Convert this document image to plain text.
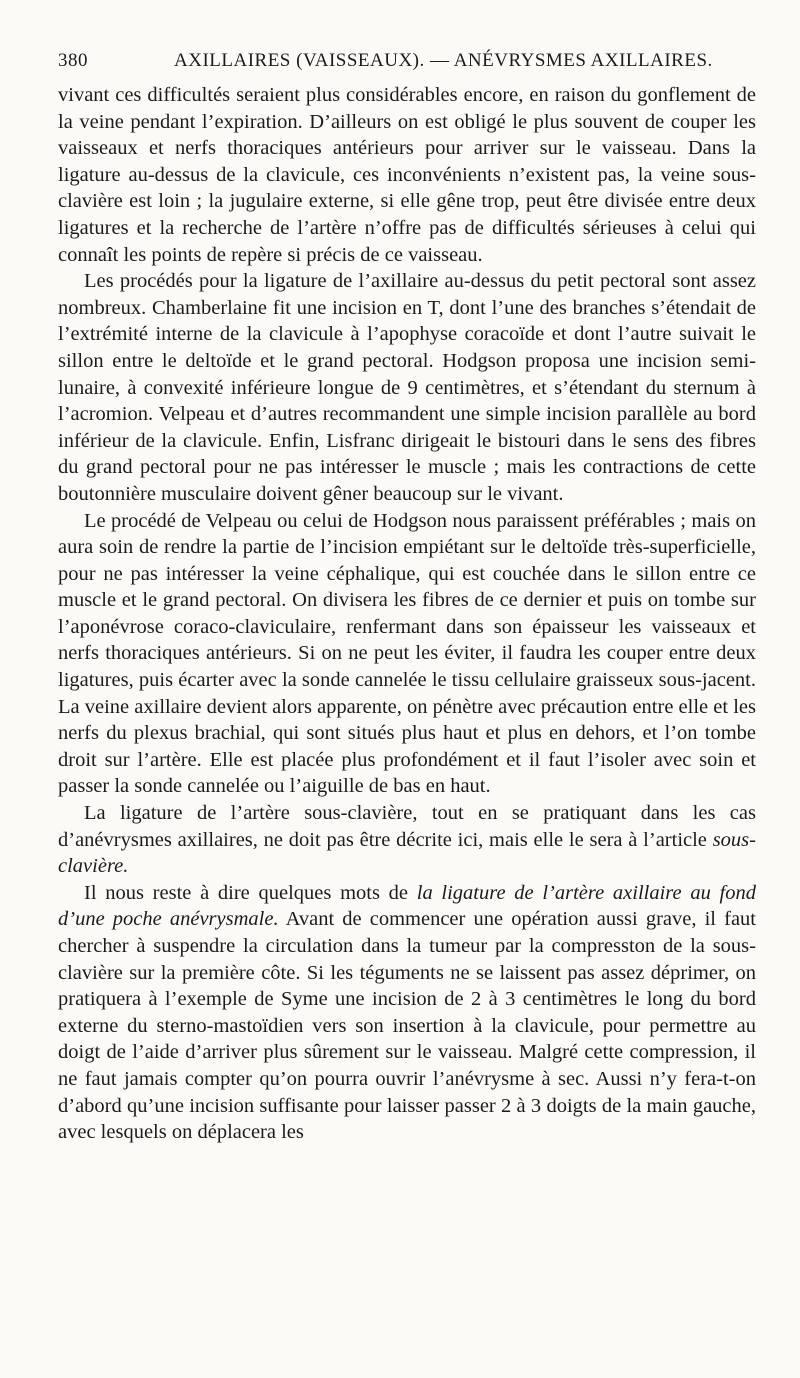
380	AXILLAIRES (VAISSEAUX). — ANÉVRYSMES AXILLAIRES.

vivant ces difficultés seraient plus considérables encore, en raison du gonflement de la veine pendant l’expiration. D’ailleurs on est obligé le plus souvent de couper les vaisseaux et nerfs thoraciques antérieurs pour arriver sur le vaisseau. Dans la ligature au-dessus de la clavicule, ces inconvénients n’existent pas, la veine sous-clavière est loin ; la jugulaire externe, si elle gêne trop, peut être divisée entre deux ligatures et la recherche de l’artère n’offre pas de difficultés sérieuses à celui qui connaît les points de repère si précis de ce vaisseau.

Les procédés pour la ligature de l’axillaire au-dessus du petit pectoral sont assez nombreux. Chamberlaine fit une incision en T, dont l’une des branches s’étendait de l’extrémité interne de la clavicule à l’apophyse coracoïde et dont l’autre suivait le sillon entre le deltoïde et le grand pectoral. Hodgson proposa une incision semi-lunaire, à convexité inférieure longue de 9 centimètres, et s’étendant du sternum à l’acromion. Velpeau et d’autres recommandent une simple incision parallèle au bord inférieur de la clavicule. Enfin, Lisfranc dirigeait le bistouri dans le sens des fibres du grand pectoral pour ne pas intéresser le muscle ; mais les contractions de cette boutonnière musculaire doivent gêner beaucoup sur le vivant.

Le procédé de Velpeau ou celui de Hodgson nous paraissent préférables ; mais on aura soin de rendre la partie de l’incision empiétant sur le deltoïde très-superficielle, pour ne pas intéresser la veine céphalique, qui est couchée dans le sillon entre ce muscle et le grand pectoral. On divisera les fibres de ce dernier et puis on tombe sur l’aponévrose coraco-claviculaire, renfermant dans son épaisseur les vaisseaux et nerfs thoraciques antérieurs. Si on ne peut les éviter, il faudra les couper entre deux ligatures, puis écarter avec la sonde cannelée le tissu cellulaire graisseux sous-jacent. La veine axillaire devient alors apparente, on pénètre avec précaution entre elle et les nerfs du plexus brachial, qui sont situés plus haut et plus en dehors, et l’on tombe droit sur l’artère. Elle est placée plus profondément et il faut l’isoler avec soin et passer la sonde cannelée ou l’aiguille de bas en haut.

La ligature de l’artère sous-clavière, tout en se pratiquant dans les cas d’anévrysmes axillaires, ne doit pas être décrite ici, mais elle le sera à l’article sous-clavière.

Il nous reste à dire quelques mots de la ligature de l’artère axillaire au fond d’une poche anévrysmale. Avant de commencer une opération aussi grave, il faut chercher à suspendre la circulation dans la tumeur par la compresston de la sous-clavière sur la première côte. Si les téguments ne se laissent pas assez déprimer, on pratiquera à l’exemple de Syme une incision de 2 à 3 centimètres le long du bord externe du sterno-mastoïdien vers son insertion à la clavicule, pour permettre au doigt de l’aide d’arriver plus sûrement sur le vaisseau. Malgré cette compression, il ne faut jamais compter qu’on pourra ouvrir l’anévrysme à sec. Aussi n’y fera-t-on d’abord qu’une incision suffisante pour laisser passer 2 à 3 doigts de la main gauche, avec lesquels on déplacera les
